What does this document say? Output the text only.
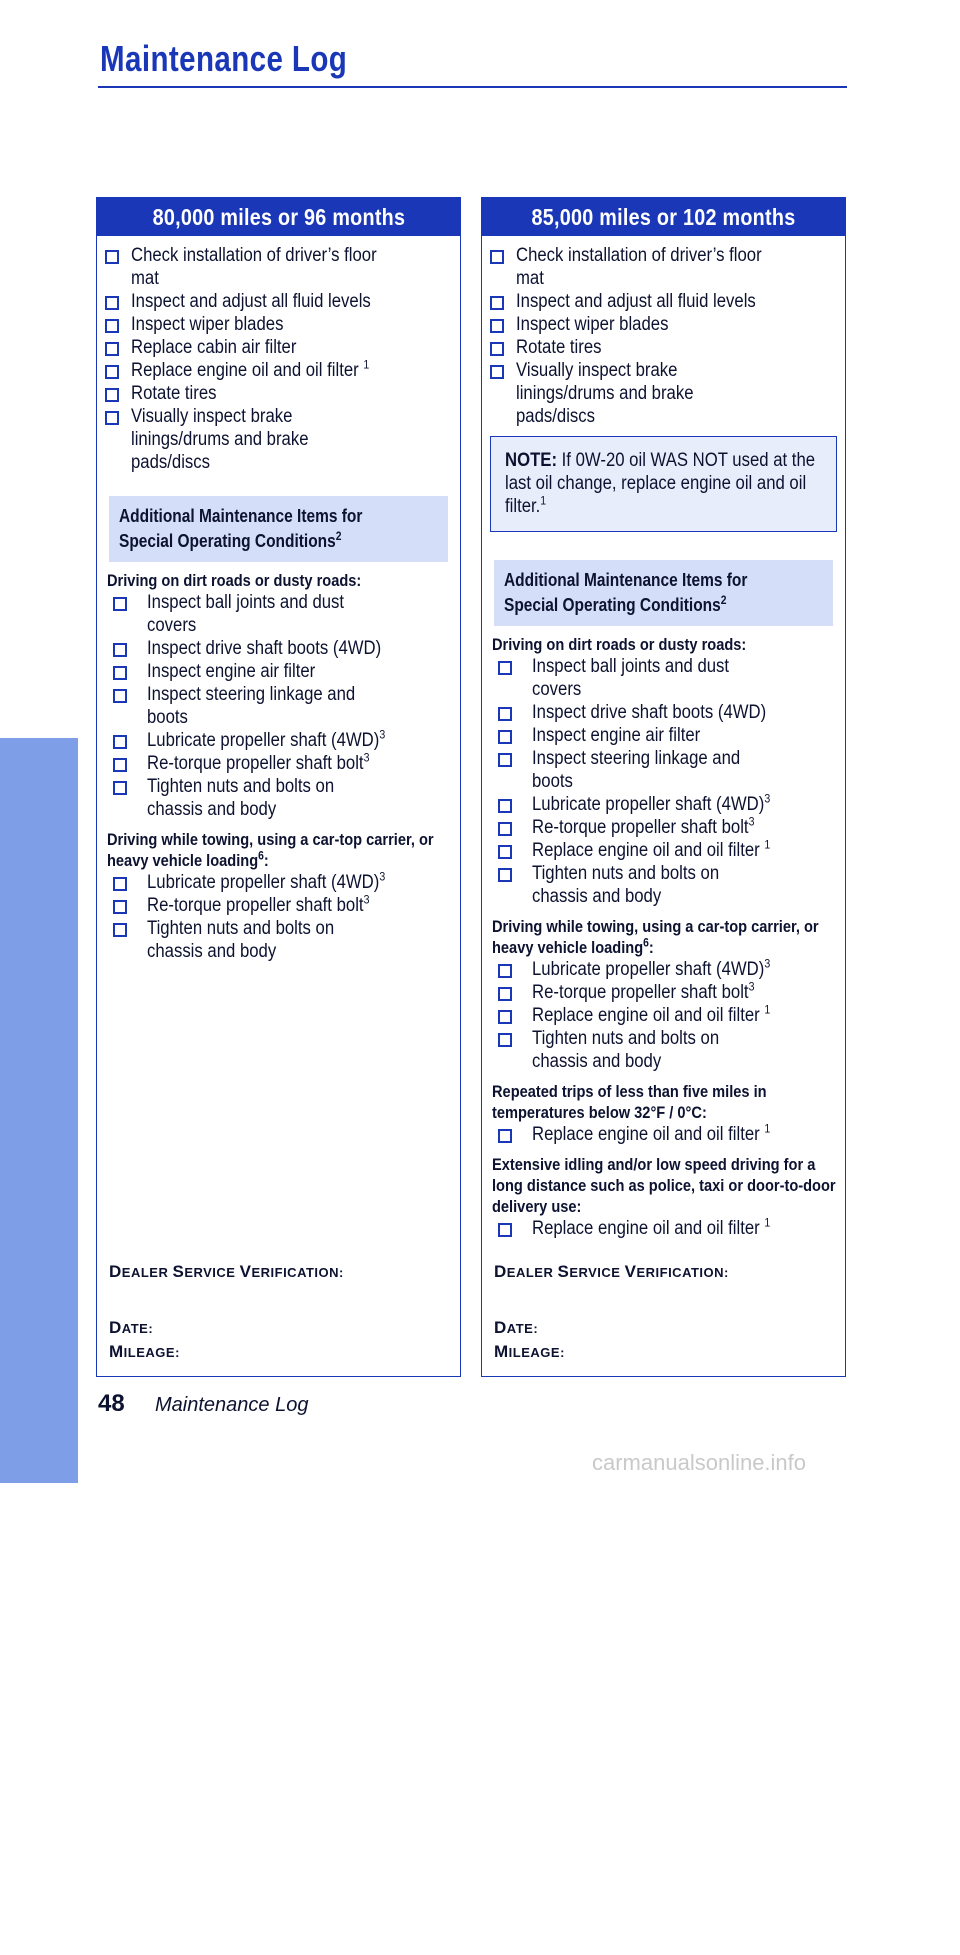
Maintenance Log
MAINTENANCE
80,000 miles or 96 months
Check installation of driver’s floor mat
Inspect and adjust all fluid levels
Inspect wiper blades
Replace cabin air filter
Replace engine oil and oil filter $^1$
Rotate tires
Visually inspect brake linings/drums and brake pads/discs
Additional Maintenance Items for Special Operating Conditions$^2$
Driving on dirt roads or dusty roads:
Inspect ball joints and dust covers
Inspect drive shaft boots (4WD)
Inspect engine air filter
Inspect steering linkage and boots
Lubricate propeller shaft $(4WD)^3$
Re-torque propeller shaft bolt$^3$
Tighten nuts and bolts on chassis and body
Driving while towing, using a car-top carrier, or heavy vehicle loading$^6$:
Lubricate propeller shaft $(4WD)^3$
Re-torque propeller shaft bolt$^3$
Tighten nuts and bolts on chassis and body
DEALER SERVICE VERIFICATION:
DATE:
MILEAGE:
85,000 miles or 102 months
Check installation of driver’s floor mat
Inspect and adjust all fluid levels
Inspect wiper blades
Rotate tires
Visually inspect brake linings/drums and brake pads/discs
NOTE: If 0W-20 oil WAS NOT used at the last oil change, replace engine oil and oil filter.$^1$
Additional Maintenance Items for Special Operating Conditions$^2$
Driving on dirt roads or dusty roads:
Inspect ball joints and dust covers
Inspect drive shaft boots (4WD)
Inspect engine air filter
Inspect steering linkage and boots
Lubricate propeller shaft $(4WD)^3$
Re-torque propeller shaft bolt$^3$
Replace engine oil and oil filter $^1$
Tighten nuts and bolts on chassis and body
Driving while towing, using a car-top carrier, or heavy vehicle loading$^6$:
Lubricate propeller shaft $(4WD)^3$
Re-torque propeller shaft bolt$^3$
Replace engine oil and oil filter $^1$
Tighten nuts and bolts on chassis and body
Repeated trips of less than five miles in temperatures below 32°F / 0°C:
Replace engine oil and oil filter $^1$
Extensive idling and/or low speed driving for a long distance such as police, taxi or door-to-door delivery use:
Replace engine oil and oil filter $^1$
DEALER SERVICE VERIFICATION:
DATE:
MILEAGE:
48 Maintenance Log
carmanualsonline.info
